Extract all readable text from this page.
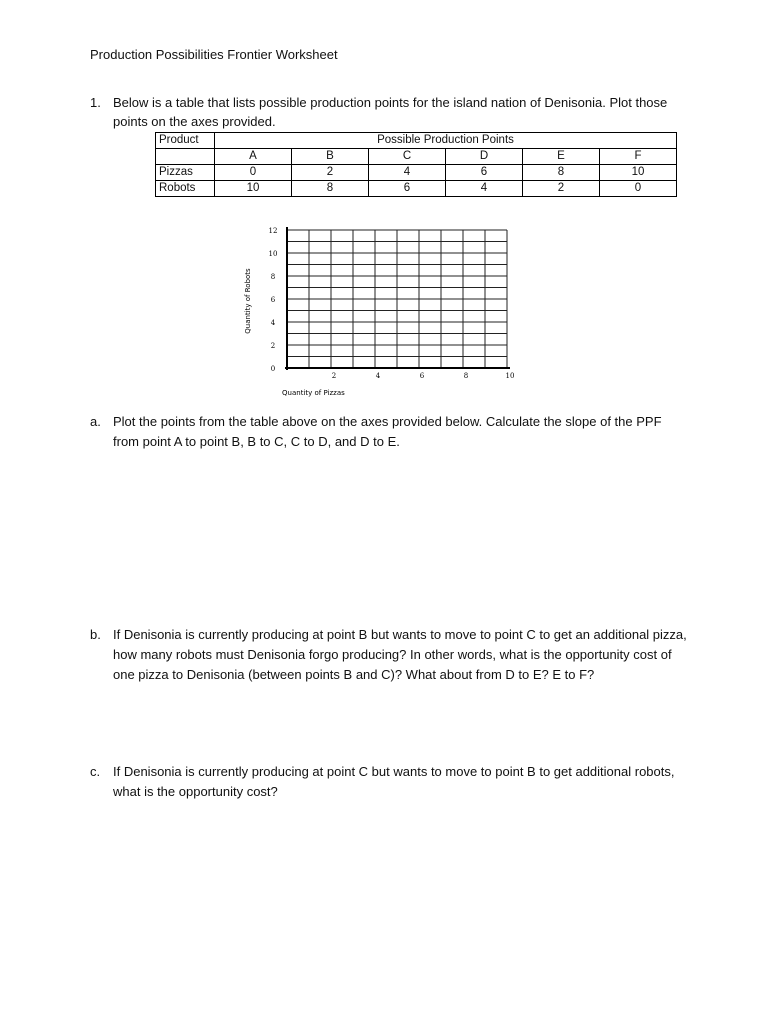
Production Possibilities Frontier Worksheet
1. Below is a table that lists possible production points for the island nation of Denisonia. Plot those points on the axes provided.
Product	Possible Production Points					
	A	B	C	D	E	F
Pizzas	0	2	4	6	8	10
Robots	10	8	6	4	2	0
0
2
4
6
8
10
12
2	4	6	8	10
Quantity of Pizzas
Quantity of Robots
a. Plot the points from the table above on the axes provided below. Calculate the slope of the PPF from point A to point B, B to C, C to D, and D to E.
b. If Denisonia is currently producing at point B but wants to move to point C to get an additional pizza, how many robots must Denisonia forgo producing? In other words, what is the opportunity cost of one pizza to Denisonia (between points B and C)? What about from D to E? E to F?
c. If Denisonia is currently producing at point C but wants to move to point B to get additional robots, what is the opportunity cost?
